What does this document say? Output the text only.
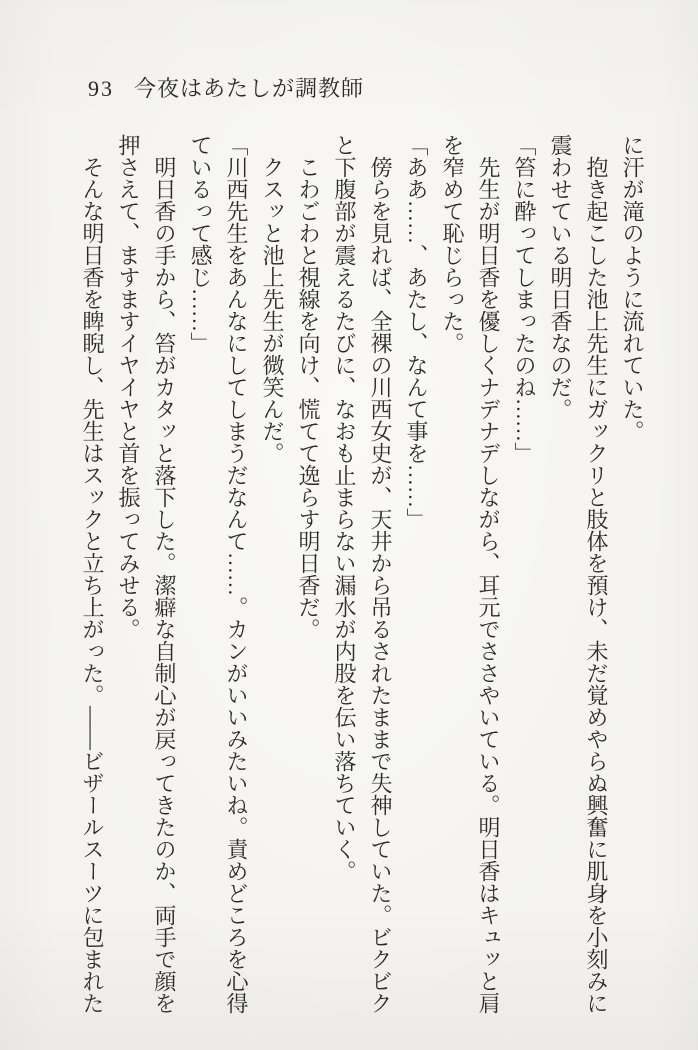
93 今夜はあたしが調教師

に汗が滝のように流れていた。

抱き起こした池上先生にガックリと肢体を預け、未だ覚めやらぬ興奮に肌身を小刻みに震わせている明日香なのだ。

「笞に酔ってしまったのね……」

先生が明日香を優しくナデナデしながら、耳元でささやいている。明日香はキュッと肩を窄めて恥じらった。

「ああ……、あたし、なんて事を……」

傍らを見れば、全裸の川西女史が、天井から吊るされたままで失神していた。ビクビクと下腹部が震えるたびに、なおも止まらない漏水が内股を伝い落ちていく。

こわごわと視線を向け、慌てて逸らす明日香だ。

クスッと池上先生が微笑んだ。

「川西先生をあんなにしてしまうだなんて……。カンがいいみたいね。責めどころを心得ているって感じ……」

明日香の手から、笞がカタッと落下した。潔癖な自制心が戻ってきたのか、両手で顔を押さえて、ますますイヤイヤと首を振ってみせる。

そんな明日香を睥睨し、先生はスックと立ち上がった。――ビザールスーツに包まれた
